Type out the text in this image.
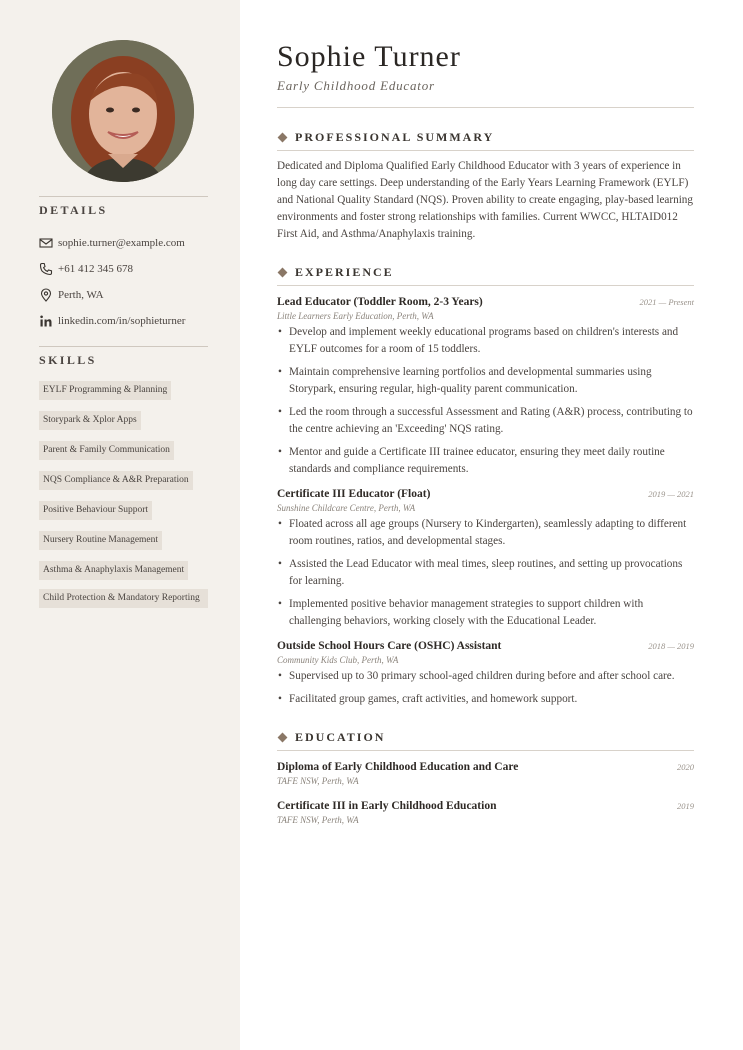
DETAILS
sophie.turner@example.com
+61 412 345 678
Perth, WA
linkedin.com/in/sophieturner
SKILLS
EYLF Programming & Planning
Storypark & Xplor Apps
Parent & Family Communication
NQS Compliance & A&R Preparation
Positive Behaviour Support
Nursery Routine Management
Asthma & Anaphylaxis Management
Child Protection & Mandatory Reporting
Sophie Turner
Early Childhood Educator
PROFESSIONAL SUMMARY

Dedicated and Diploma Qualified Early Childhood Educator with 3 years of experience in long day care settings. Deep understanding of the Early Years Learning Framework (EYLF) and National Quality Standard (NQS). Proven ability to create engaging, play-based learning environments and foster strong relationships with families. Current WWCC, HLTAID012 First Aid, and Asthma/Anaphylaxis training.

EXPERIENCE
Lead Educator (Toddler Room, 2-3 Years)	2021 — Present
Little Learners Early Education, Perth, WA
• Develop and implement weekly educational programs based on children's interests and EYLF outcomes for a room of 15 toddlers.
• Maintain comprehensive learning portfolios and developmental summaries using Storypark, ensuring regular, high-quality parent communication.
• Led the room through a successful Assessment and Rating (A&R) process, contributing to the centre achieving an 'Exceeding' NQS rating.
• Mentor and guide a Certificate III trainee educator, ensuring they meet daily routine standards and compliance requirements.
Certificate III Educator (Float)	2019 — 2021
Sunshine Childcare Centre, Perth, WA
• Floated across all age groups (Nursery to Kindergarten), seamlessly adapting to different room routines, ratios, and developmental stages.
• Assisted the Lead Educator with meal times, sleep routines, and setting up provocations for learning.
• Implemented positive behavior management strategies to support children with challenging behaviors, working closely with the Educational Leader.
Outside School Hours Care (OSHC) Assistant	2018 — 2019
Community Kids Club, Perth, WA
• Supervised up to 30 primary school-aged children during before and after school care.
• Facilitated group games, craft activities, and homework support.
EDUCATION
Diploma of Early Childhood Education and Care	2020
TAFE NSW, Perth, WA
Certificate III in Early Childhood Education	2019
TAFE NSW, Perth, WA
